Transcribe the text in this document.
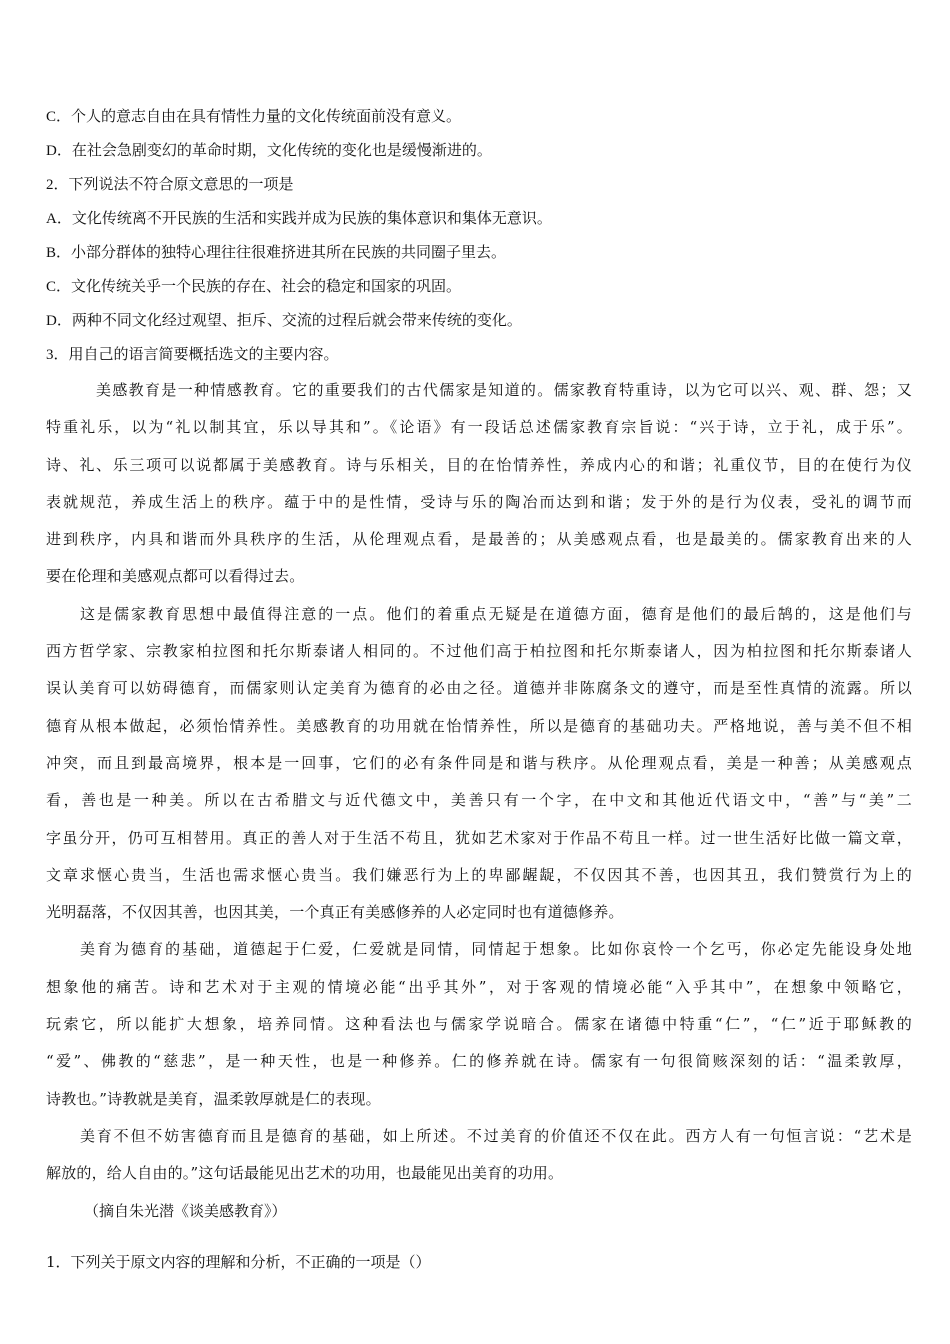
C．个人的意志自由在具有情性力量的文化传统面前没有意义。

D．在社会急剧变幻的革命时期，文化传统的变化也是缓慢渐进的。

2．下列说法不符合原文意思的一项是

A．文化传统离不开民族的生活和实践并成为民族的集体意识和集体无意识。

B．小部分群体的独特心理往往很难挤进其所在民族的共同圈子里去。

C．文化传统关乎一个民族的存在、社会的稳定和国家的巩固。

D．两种不同文化经过观望、拒斥、交流的过程后就会带来传统的变化。

3．用自己的语言简要概括选文的主要内容。

美感教育是一种情感教育。它的重要我们的古代儒家是知道的。儒家教育特重诗，以为它可以兴、观、群、怨；又
特重礼乐，以为“礼以制其宜，乐以导其和”。《论语》有一段话总述儒家教育宗旨说：“兴于诗，立于礼，成于乐”。
诗、礼、乐三项可以说都属于美感教育。诗与乐相关，目的在怡情养性，养成内心的和谐；礼重仪节，目的在使行为仪
表就规范，养成生活上的秩序。蕴于中的是性情，受诗与乐的陶冶而达到和谐；发于外的是行为仪表，受礼的调节而
进到秩序，内具和谐而外具秩序的生活，从伦理观点看，是最善的；从美感观点看，也是最美的。儒家教育出来的人
要在伦理和美感观点都可以看得过去。
这是儒家教育思想中最值得注意的一点。他们的着重点无疑是在道德方面，德育是他们的最后鹄的，这是他们与
西方哲学家、宗教家柏拉图和托尔斯泰诸人相同的。不过他们高于柏拉图和托尔斯泰诸人，因为柏拉图和托尔斯泰诸人
误认美育可以妨碍德育，而儒家则认定美育为德育的必由之径。道德并非陈腐条文的遵守，而是至性真情的流露。所以
德育从根本做起，必须怡情养性。美感教育的功用就在怡情养性，所以是德育的基础功夫。严格地说，善与美不但不相
冲突，而且到最高境界，根本是一回事，它们的必有条件同是和谐与秩序。从伦理观点看，美是一种善；从美感观点
看，善也是一种美。所以在古希腊文与近代德文中，美善只有一个字，在中文和其他近代语文中，“善”与“美”二
字虽分开，仍可互相替用。真正的善人对于生活不苟且，犹如艺术家对于作品不苟且一样。过一世生活好比做一篇文章，
文章求惬心贵当，生活也需求惬心贵当。我们嫌恶行为上的卑鄙龌龊，不仅因其不善，也因其丑，我们赞赏行为上的
光明磊落，不仅因其善，也因其美，一个真正有美感修养的人必定同时也有道德修养。
美育为德育的基础，道德起于仁爱，仁爱就是同情，同情起于想象。比如你哀怜一个乞丐，你必定先能设身处地
想象他的痛苦。诗和艺术对于主观的情境必能“出乎其外”，对于客观的情境必能“入乎其中”，在想象中领略它，
玩索它，所以能扩大想象，培养同情。这种看法也与儒家学说暗合。儒家在诸德中特重“仁”，“仁”近于耶稣教的
“爱”、佛教的“慈悲”，是一种天性，也是一种修养。仁的修养就在诗。儒家有一句很简赅深刻的话：“温柔敦厚，
诗教也。”诗教就是美育，温柔敦厚就是仁的表现。
美育不但不妨害德育而且是德育的基础，如上所述。不过美育的价值还不仅在此。西方人有一句恒言说：“艺术是
解放的，给人自由的。”这句话最能见出艺术的功用，也最能见出美育的功用。
（摘自朱光潜《谈美感教育》）

1．下列关于原文内容的理解和分析，不正确的一项是（）
